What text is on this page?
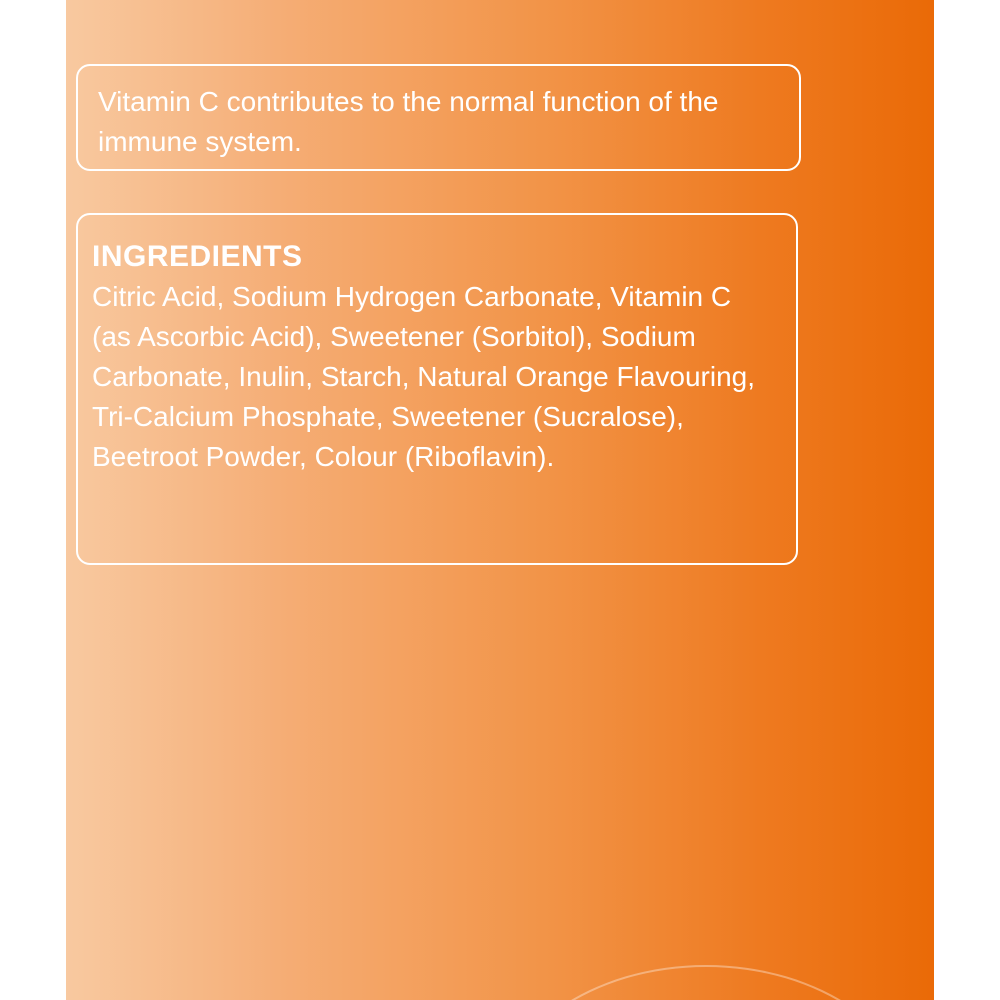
Vitamin C contributes to the normal function of the immune system.

INGREDIENTS

Citric Acid, Sodium Hydrogen Carbonate, Vitamin C (as Ascorbic Acid), Sweetener (Sorbitol), Sodium Carbonate, Inulin, Starch, Natural Orange Flavouring, Tri-Calcium Phosphate, Sweetener (Sucralose), Beetroot Powder, Colour (Riboflavin).
